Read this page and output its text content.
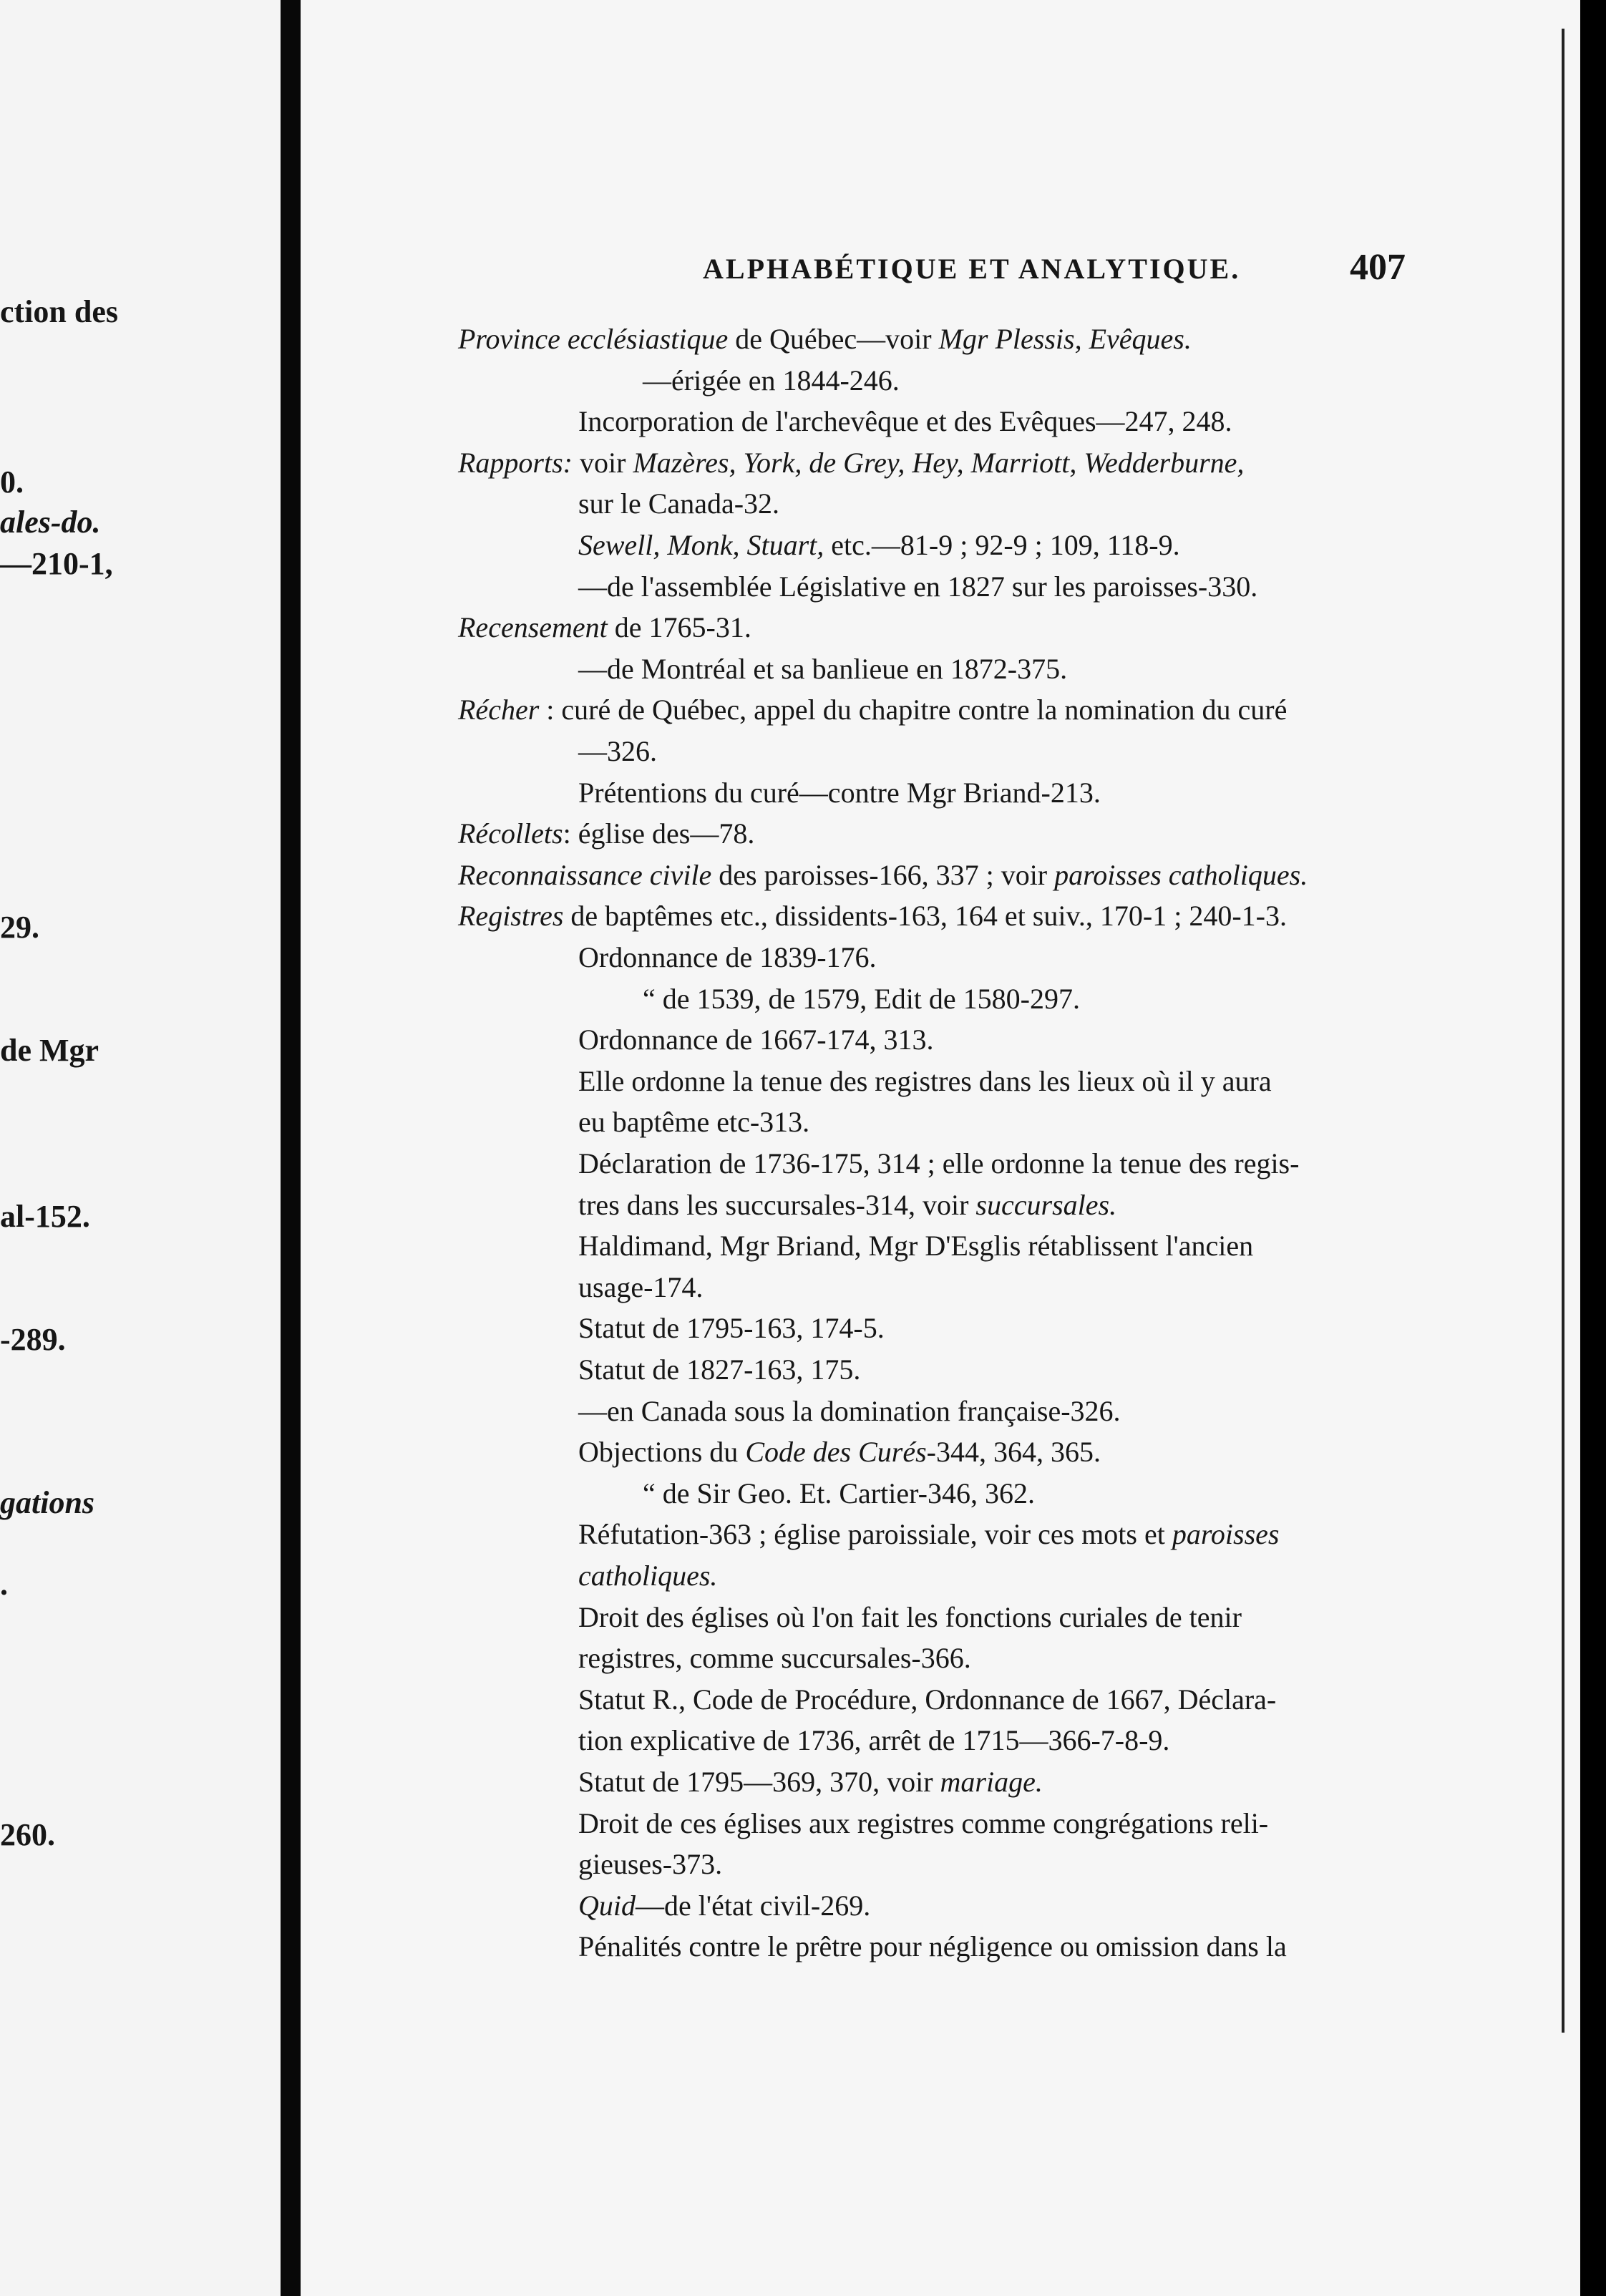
ction des
0.
ales-do.
—210-1,
29.
de Mgr
al-152.
-289.
gations
.
260.
ALPHABÉTIQUE ET ANALYTIQUE.	407
Province ecclésiastique de Québec—voir Mgr Plessis, Evêques.
—érigée en 1844-246.
Incorporation de l'archevêque et des Evêques—247, 248.
Rapports: voir Mazères, York, de Grey, Hey, Marriott, Wedderburne,
sur le Canada-32.
Sewell, Monk, Stuart, etc.—81-9 ; 92-9 ; 109, 118-9.
—de l'assemblée Législative en 1827 sur les paroisses-330.
Recensement de 1765-31.
—de Montréal et sa banlieue en 1872-375.
Récher : curé de Québec, appel du chapitre contre la nomination du curé
—326.
Prétentions du curé—contre Mgr Briand-213.
Récollets: église des—78.
Reconnaissance civile des paroisses-166, 337 ; voir paroisses catholiques.
Registres de baptêmes etc., dissidents-163, 164 et suiv., 170-1 ; 240-1-3.
Ordonnance de 1839-176.
“ de 1539, de 1579, Edit de 1580-297.
Ordonnance de 1667-174, 313.
Elle ordonne la tenue des registres dans les lieux où il y aura
eu baptême etc-313.
Déclaration de 1736-175, 314 ; elle ordonne la tenue des regis-
tres dans les succursales-314, voir succursales.
Haldimand, Mgr Briand, Mgr D'Esglis rétablissent l'ancien
usage-174.
Statut de 1795-163, 174-5.
Statut de 1827-163, 175.
—en Canada sous la domination française-326.
Objections du Code des Curés-344, 364, 365.
“ de Sir Geo. Et. Cartier-346, 362.
Réfutation-363 ; église paroissiale, voir ces mots et paroisses
catholiques.
Droit des églises où l'on fait les fonctions curiales de tenir
registres, comme succursales-366.
Statut R., Code de Procédure, Ordonnance de 1667, Déclara-
tion explicative de 1736, arrêt de 1715—366-7-8-9.
Statut de 1795—369, 370, voir mariage.
Droit de ces églises aux registres comme congrégations reli-
gieuses-373.
Quid—de l'état civil-269.
Pénalités contre le prêtre pour négligence ou omission dans la
